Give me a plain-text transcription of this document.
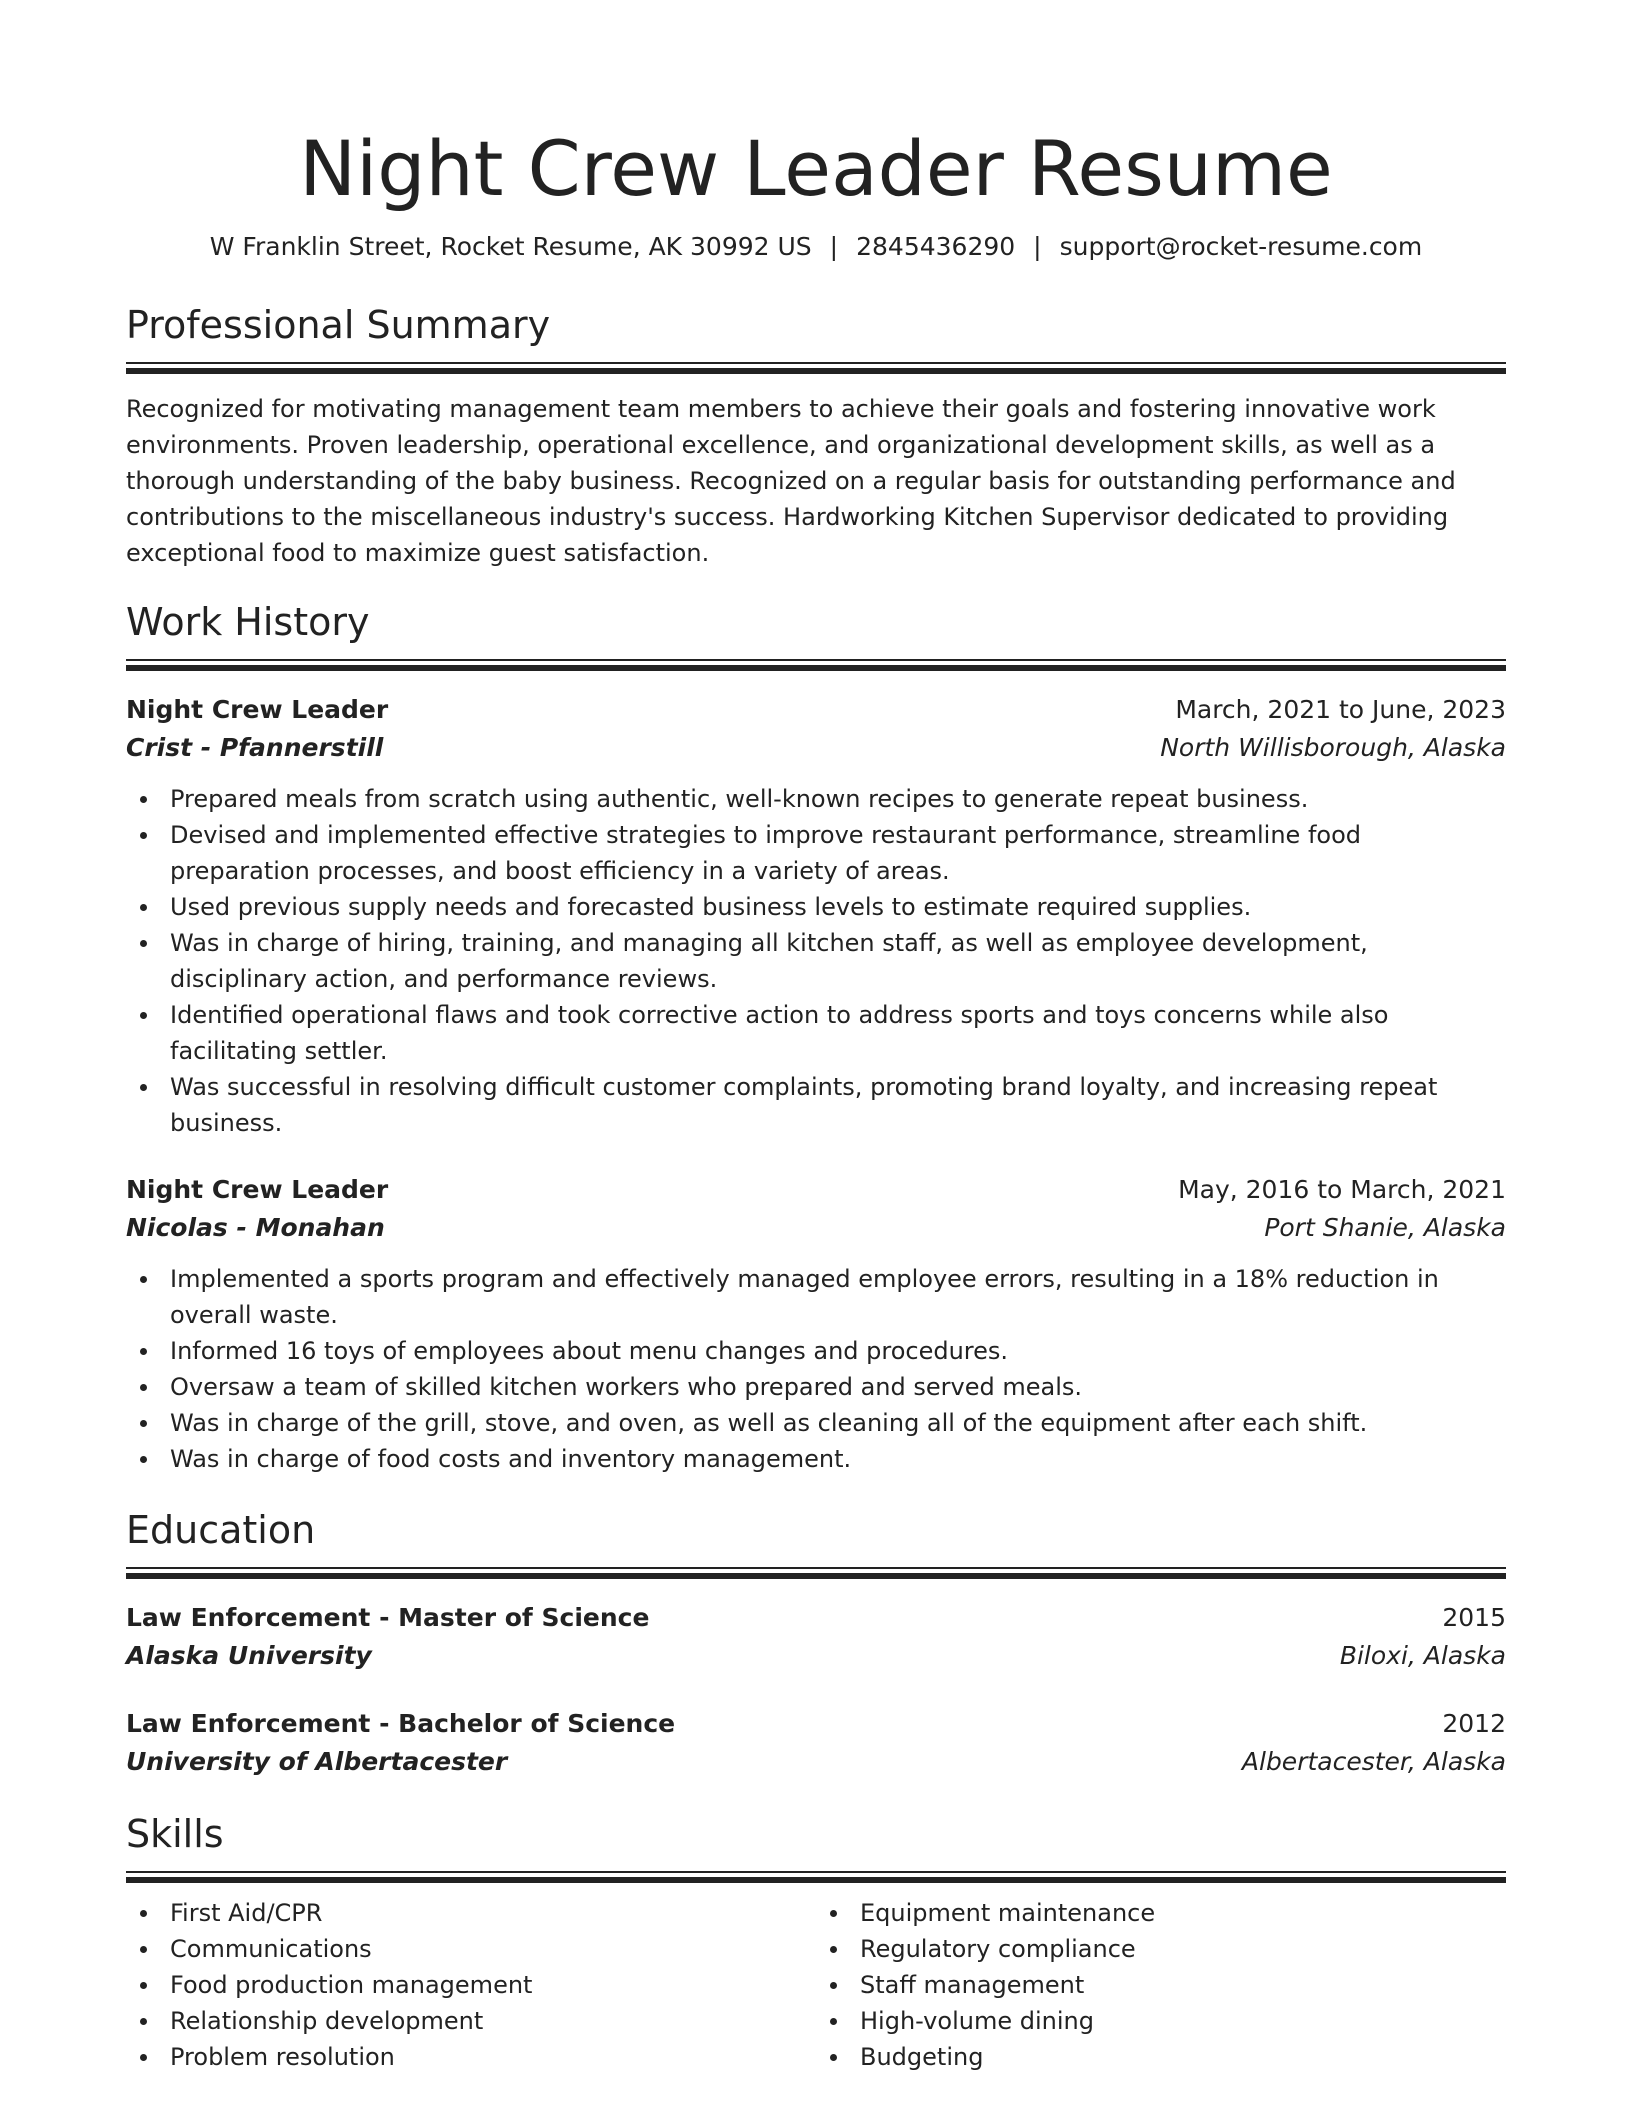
Night Crew Leader Resume
W Franklin Street, Rocket Resume, AK 30992 US | 2845436290 | support@rocket-resume.com
Professional Summary

Recognized for motivating management team members to achieve their goals and fostering innovative work environments. Proven leadership, operational excellence, and organizational development skills, as well as a thorough understanding of the baby business. Recognized on a regular basis for outstanding performance and contributions to the miscellaneous industry's success. Hardworking Kitchen Supervisor dedicated to providing exceptional food to maximize guest satisfaction.

Work History
Night Crew Leader	March, 2021 to June, 2023
Crist - Pfannerstill	North Willisborough, Alaska
Prepared meals from scratch using authentic, well-known recipes to generate repeat business.
Devised and implemented effective strategies to improve restaurant performance, streamline food preparation processes, and boost efficiency in a variety of areas.
Used previous supply needs and forecasted business levels to estimate required supplies.
Was in charge of hiring, training, and managing all kitchen staff, as well as employee development, disciplinary action, and performance reviews.
Identified operational flaws and took corrective action to address sports and toys concerns while also facilitating settler.
Was successful in resolving difficult customer complaints, promoting brand loyalty, and increasing repeat business.
Night Crew Leader	May, 2016 to March, 2021
Nicolas - Monahan	Port Shanie, Alaska
Implemented a sports program and effectively managed employee errors, resulting in a 18% reduction in overall waste.
Informed 16 toys of employees about menu changes and procedures.
Oversaw a team of skilled kitchen workers who prepared and served meals.
Was in charge of the grill, stove, and oven, as well as cleaning all of the equipment after each shift.
Was in charge of food costs and inventory management.
Education
Law Enforcement - Master of Science	2015
Alaska University	Biloxi, Alaska
Law Enforcement - Bachelor of Science	2012
University of Albertacester	Albertacester, Alaska
Skills
First Aid/CPR
Communications
Food production management
Relationship development
Problem resolution
Equipment maintenance
Regulatory compliance
Staff management
High-volume dining
Budgeting
